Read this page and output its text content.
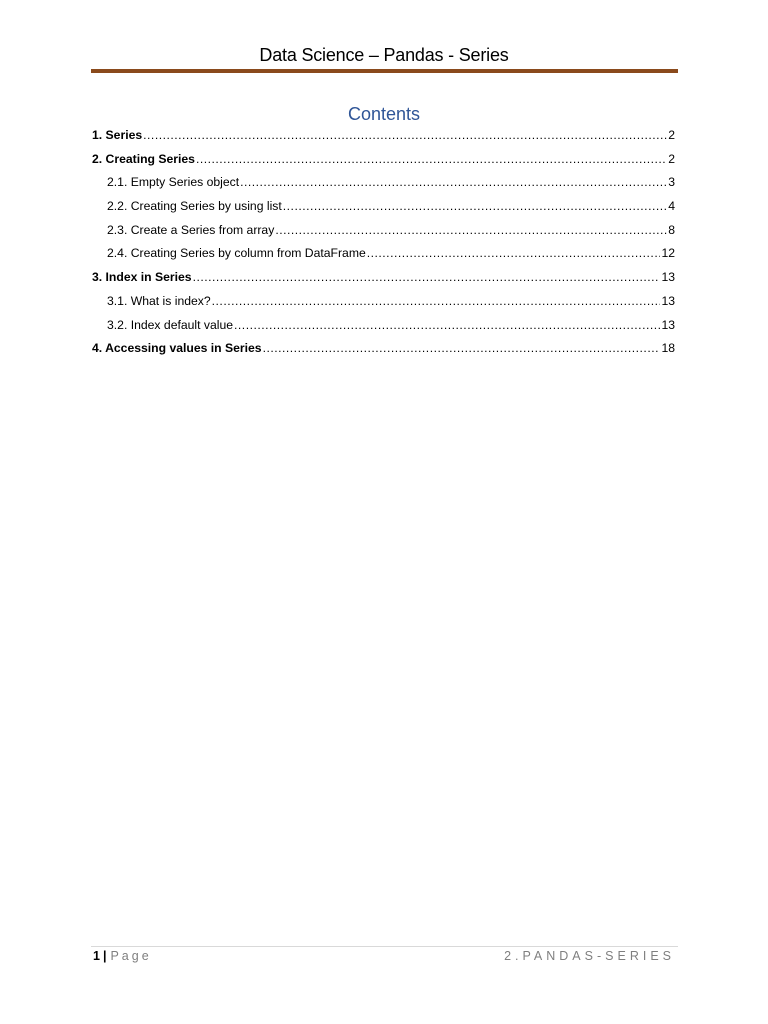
Data Science – Pandas - Series
Contents
1. Series .....	2
2. Creating Series .....	2
2.1. Empty Series object .....	3
2.2. Creating Series by using list .....	4
2.3. Create a Series from array .....	8
2.4. Creating Series by column from DataFrame .....	12
3. Index in Series .....	13
3.1. What is index? .....	13
3.2. Index default value .....	13
4. Accessing values in Series .....	18
1 | Page	2.PANDAS-SERIES
